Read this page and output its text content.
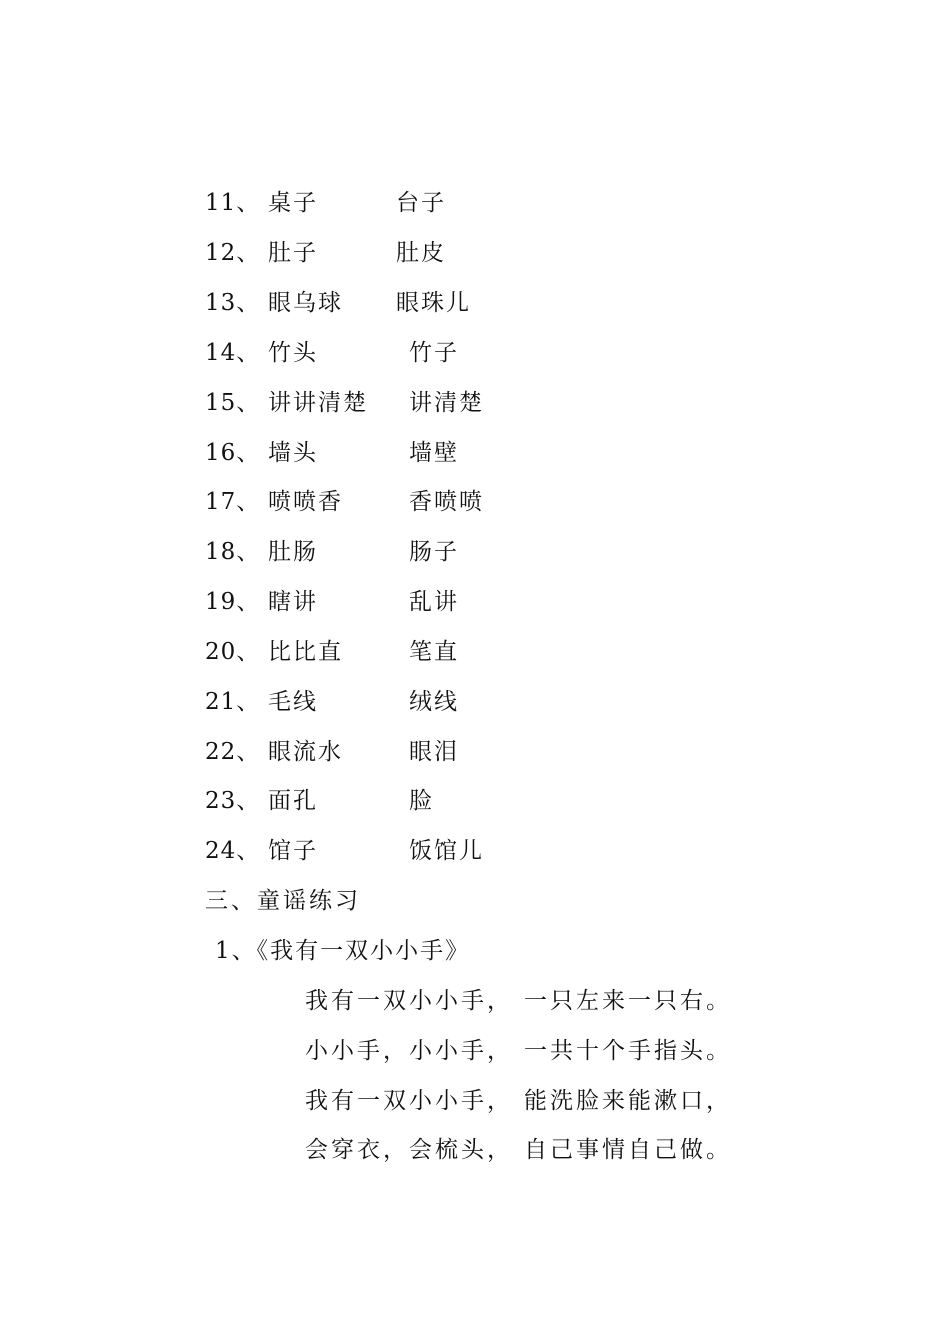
11、 桌子	台子
12、 肚子	肚皮
13、 眼乌球 眼珠儿
14、 竹头	竹子
15、 讲讲清楚 讲清楚
16、 墙头	墙壁
17、 喷喷香	香喷喷
18、 肚肠	肠子
19、 瞎讲	乱讲
20、 比比直	笔直
21、 毛线	绒线
22、 眼流水	眼泪
23、 面孔	脸
24、 馆子	饭馆儿
三、童谣练习
1、《我有一双小小手》
我有一双小小手， 一只左来一只右。
小小手，小小手， 一共十个手指头。
我有一双小小手， 能洗脸来能漱口，
会穿衣，会梳头， 自己事情自己做。
